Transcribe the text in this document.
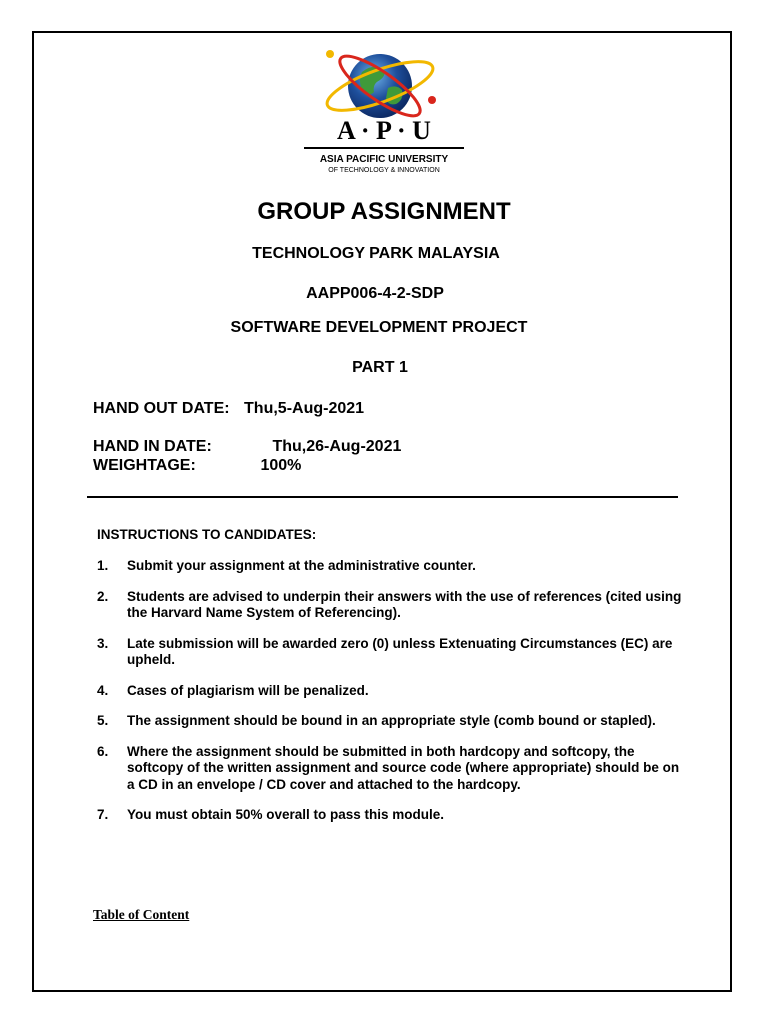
A · P · U
ASIA PACIFIC UNIVERSITY
OF TECHNOLOGY & INNOVATION
GROUP ASSIGNMENT
TECHNOLOGY PARK MALAYSIA
AAPP006-4-2-SDP
SOFTWARE DEVELOPMENT PROJECT
PART 1
HAND OUT DATE: Thu,5-Aug-2021
HAND IN DATE:	Thu,26-Aug-2021
WEIGHTAGE:	100%
INSTRUCTIONS TO CANDIDATES:
1. Submit your assignment at the administrative counter.
2. Students are advised to underpin their answers with the use of references (cited using the Harvard Name System of Referencing).
3. Late submission will be awarded zero (0) unless Extenuating Circumstances (EC) are upheld.
4. Cases of plagiarism will be penalized.
5. The assignment should be bound in an appropriate style (comb bound or stapled).
6. Where the assignment should be submitted in both hardcopy and softcopy, the softcopy of the written assignment and source code (where appropriate) should be on a CD in an envelope / CD cover and attached to the hardcopy.
7. You must obtain 50% overall to pass this module.
Table of Content
